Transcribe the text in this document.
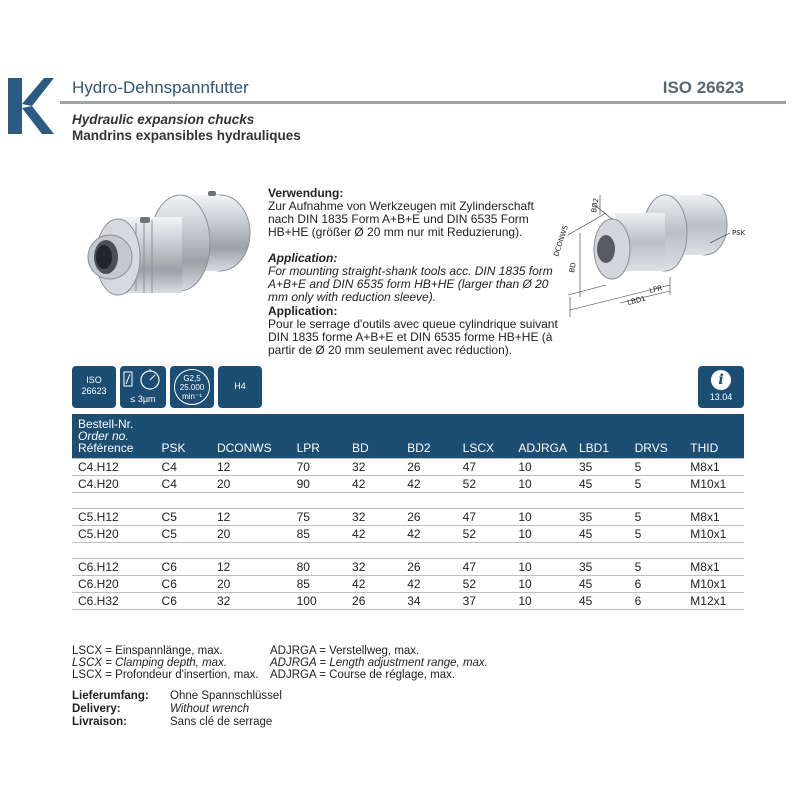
Hydro-Dehnspannfutter	ISO 26623
Hydraulic expansion chucks
Mandrins expansibles hydrauliques
DCONWS
BD2
BD
PSK
LBD1
LPR
Verwendung:
Zur Aufnahme von Werkzeugen mit Zylinderschaft nach DIN 1835 Form A+B+E und DIN 6535 Form HB+HE (größer Ø 20 mm nur mit Reduzierung).
Application:
For mounting straight-shank tools acc. DIN 1835 form A+B+E and DIN 6535 form HB+HE (larger than Ø 20 mm only with reduction sleeve).
Application:
Pour le serrage d'outils avec queue cylindrique suivant DIN 1835 forme A+B+E et DIN 6535 forme HB+HE (à partir de Ø 20 mm seulement avec réduction).
ISO
26623
≤ 3µm
G2,5
25.000
min⁻¹
H4	i
13.04
Bestell-Nr.
Order no.
Référence	PSK	DCONWS	LPR	BD	BD2	LSCX	ADJRGA	LBD1	DRVS	THID
C4.H12	C4	12	70	32	26	47	10	35	5	M8x1
C4.H20	C4	20	90	42	42	52	10	45	5	M10x1

C5.H12	C5	12	75	32	26	47	10	35	5	M8x1
C5.H20	C5	20	85	42	42	52	10	45	5	M10x1

C6.H12	C6	12	80	32	26	47	10	35	5	M8x1
C6.H20	C6	20	85	42	42	52	10	45	6	M10x1
C6.H32	C6	32	100	26	34	37	10	45	6	M12x1
LSCX = Einspannlänge, max.
LSCX = Clamping depth, max.
LSCX = Profondeur d'insertion, max.
ADJRGA = Verstellweg, max.
ADJRGA = Length adjustment range, max.
ADJRGA = Course de réglage, max.
Lieferumfang: Ohne Spannschlüssel
Delivery:	Without wrench
Livraison:	Sans clé de serrage
